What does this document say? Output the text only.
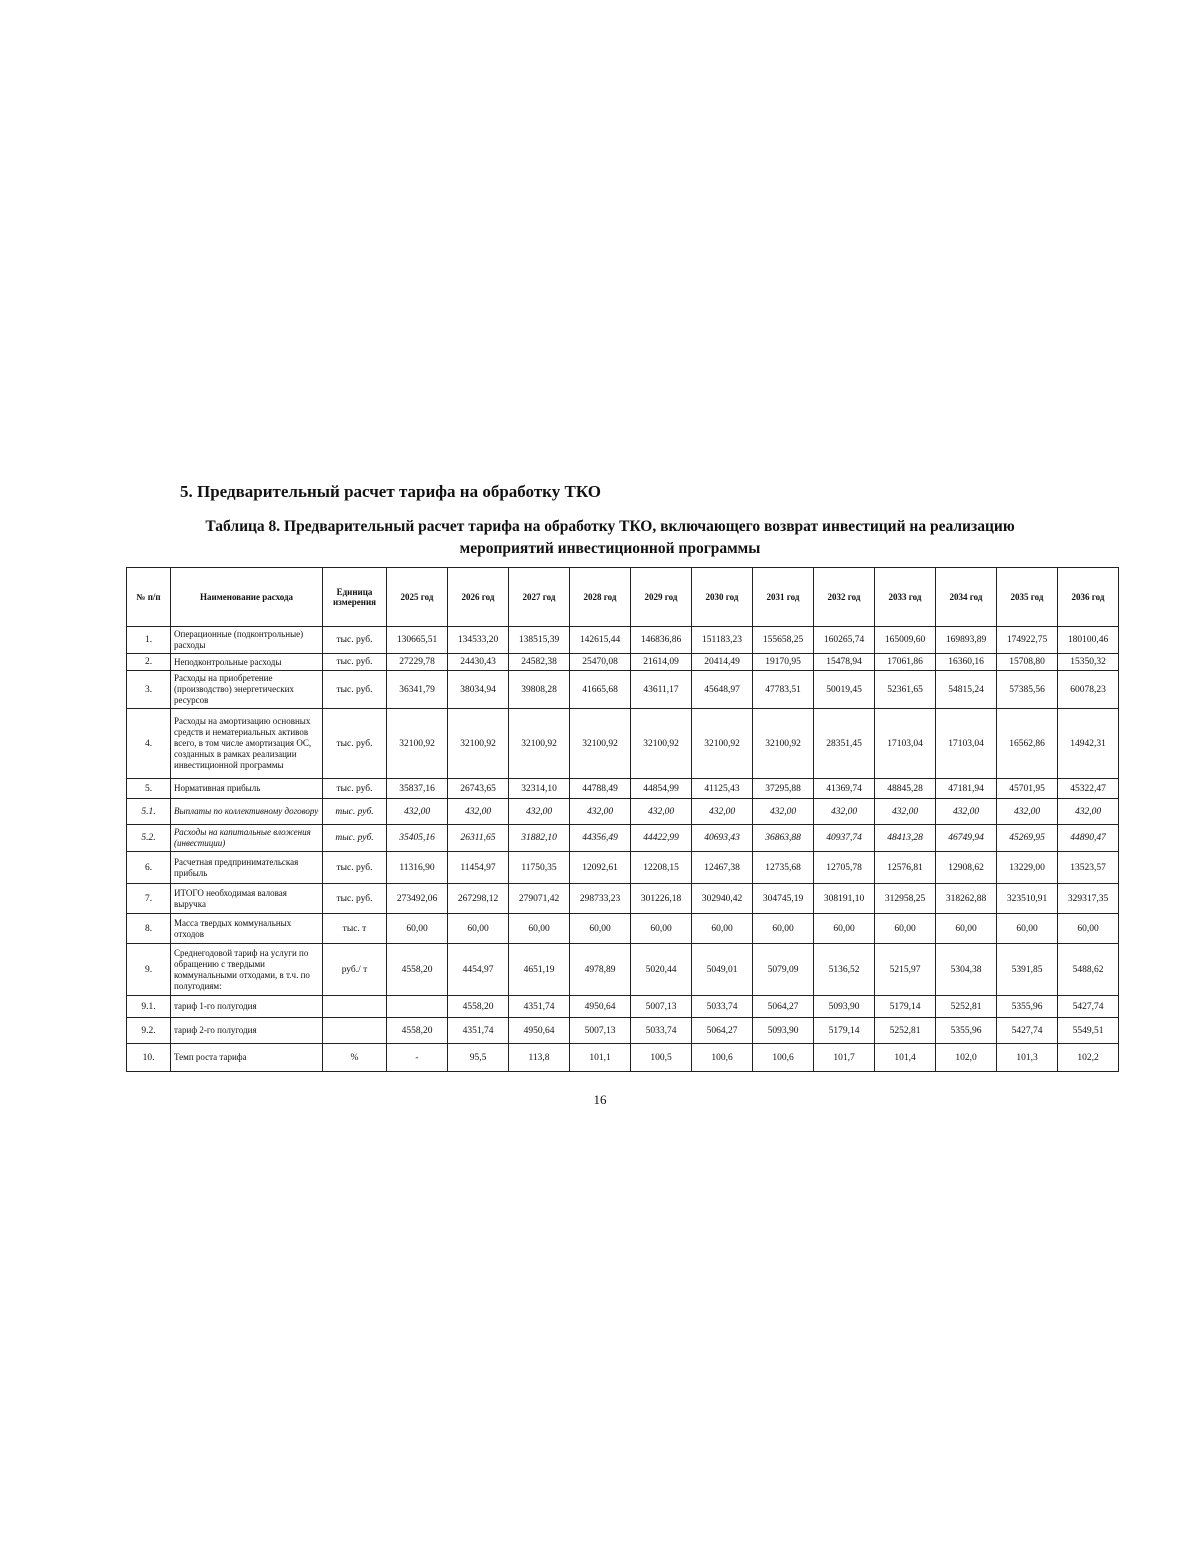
5. Предварительный расчет тарифа на обработку ТКО
Таблица 8. Предварительный расчет тарифа на обработку ТКО, включающего возврат инвестиций на реализацию
мероприятий инвестиционной программы
№ п/п	Наименование расхода	Единица измерения	2025 год	2026 год	2027 год	2028 год	2029 год	2030 год	2031 год	2032 год	2033 год	2034 год	2035 год	2036 год
1.	Операционные (подконтрольные) расходы	тыс. руб.	130665,51	134533,20	138515,39	142615,44	146836,86	151183,23	155658,25	160265,74	165009,60	169893,89	174922,75	180100,46
2.	Неподконтрольные расходы	тыс. руб.	27229,78	24430,43	24582,38	25470,08	21614,09	20414,49	19170,95	15478,94	17061,86	16360,16	15708,80	15350,32
3.	Расходы на приобретение (производство) энергетических ресурсов	тыс. руб.	36341,79	38034,94	39808,28	41665,68	43611,17	45648,97	47783,51	50019,45	52361,65	54815,24	57385,56	60078,23
4.	Расходы на амортизацию основных средств и нематериальных активов всего, в том числе амортизация ОС, созданных в рамках реализации инвестиционной программы	тыс. руб.	32100,92	32100,92	32100,92	32100,92	32100,92	32100,92	32100,92	28351,45	17103,04	17103,04	16562,86	14942,31
5.	Нормативная прибыль	тыс. руб.	35837,16	26743,65	32314,10	44788,49	44854,99	41125,43	37295,88	41369,74	48845,28	47181,94	45701,95	45322,47
5.1.	Выплаты по коллективному договору	тыс. руб.	432,00	432,00	432,00	432,00	432,00	432,00	432,00	432,00	432,00	432,00	432,00	432,00
5.2.	Расходы на капитальные вложения (инвестиции)	тыс. руб.	35405,16	26311,65	31882,10	44356,49	44422,99	40693,43	36863,88	40937,74	48413,28	46749,94	45269,95	44890,47
6.	Расчетная предпринимательская прибыль	тыс. руб.	11316,90	11454,97	11750,35	12092,61	12208,15	12467,38	12735,68	12705,78	12576,81	12908,62	13229,00	13523,57
7.	ИТОГО необходимая валовая выручка	тыс. руб.	273492,06	267298,12	279071,42	298733,23	301226,18	302940,42	304745,19	308191,10	312958,25	318262,88	323510,91	329317,35
8.	Масса твердых коммунальных отходов	тыс. т	60,00	60,00	60,00	60,00	60,00	60,00	60,00	60,00	60,00	60,00	60,00	60,00
9.	Среднегодовой тариф на услуги по обращению с твердыми коммунальными отходами, в т.ч. по полугодиям:	руб./ т	4558,20	4454,97	4651,19	4978,89	5020,44	5049,01	5079,09	5136,52	5215,97	5304,38	5391,85	5488,62
9.1.	тариф 1-го полугодия			4558,20	4351,74	4950,64	5007,13	5033,74	5064,27	5093,90	5179,14	5252,81	5355,96	5427,74
9.2.	тариф 2-го полугодия		4558,20	4351,74	4950,64	5007,13	5033,74	5064,27	5093,90	5179,14	5252,81	5355,96	5427,74	5549,51
10.	Темп роста тарифа	%	-	95,5	113,8	101,1	100,5	100,6	100,6	101,7	101,4	102,0	101,3	102,2
16
